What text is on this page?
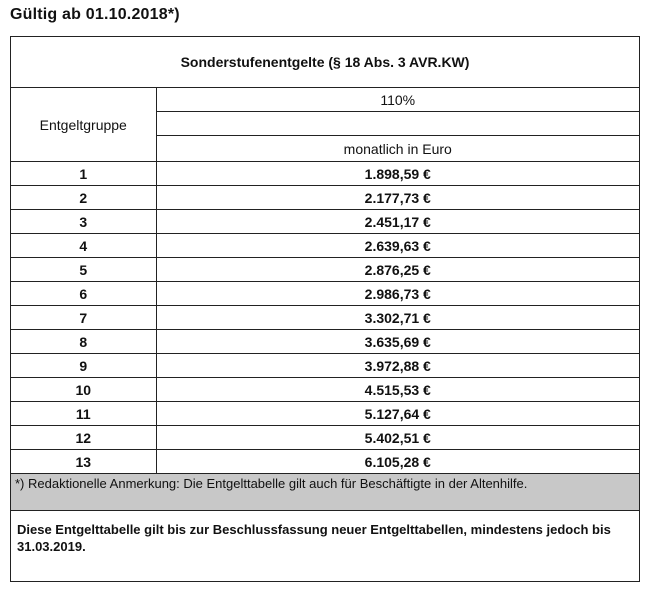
Gültig ab 01.10.2018*)
Sonderstufenentgelte (§ 18 Abs. 3 AVR.KW)	
Entgeltgruppe	110%

	monatlich in Euro
1	1.898,59 €
2	2.177,73 €
3	2.451,17 €
4	2.639,63 €
5	2.876,25 €
6	2.986,73 €
7	3.302,71 €
8	3.635,69 €
9	3.972,88 €
10	4.515,53 €
11	5.127,64 €
12	5.402,51 €
13	6.105,28 €
*) Redaktionelle Anmerkung: Die Entgelttabelle gilt auch für Beschäftigte in der Altenhilfe.	
Diese Entgelttabelle gilt bis zur Beschlussfassung neuer Entgelttabellen, mindestens jedoch bis 31.03.2019.	
